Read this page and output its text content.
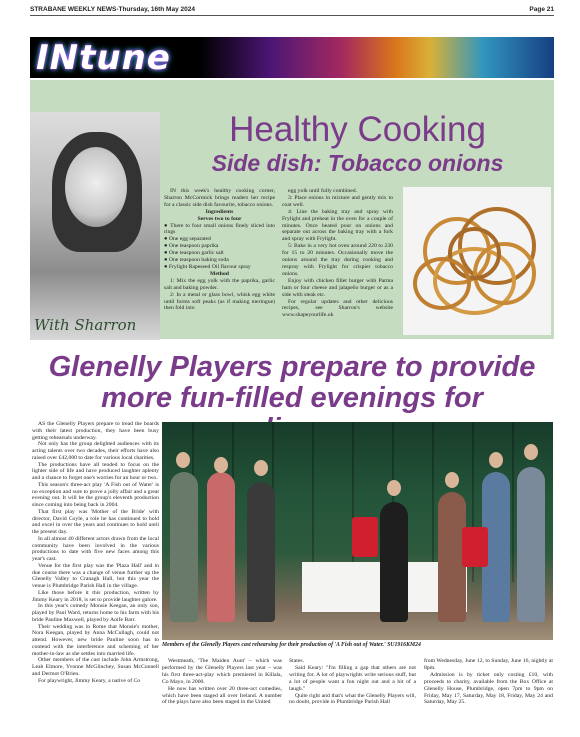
STRABANE WEEKLY NEWS-Thursday, 16th May 2024	Page 21
INtune
With Sharron
Healthy Cooking
Side dish: Tobacco onions

IN this week's healthy cooking corner, Sharron McCormick brings readers her recipe for a classic side dish favourite, tobacco onions.

Ingredients

Serves two to four

● There to four small onions finely sliced into rings

● One egg separated

● One teaspoon paprika

● One teaspoon garlic salt

● One teaspoon baking soda

● Frylight Rapeseed Oil flavour spray

Method

1: Mix the egg yolk with the paprika, garlic salt and baking powder.

2: In a metal or glass bowl, whisk egg white until forms soft peaks (as if making meringue) then fold into

egg yolk until fully combined.

3: Place onions in mixture and gently mix to coat well.

4: Line the baking tray and spray with Frylight and preheat in the oven for a couple of minutes. Once heated pour on onions and separate out across the baking tray with a fork and spray with Frylight.

5: Bake in a very hot oven around 220 to 230 for 15 to 20 minutes. Occasionally move the onions around the tray during cooking and respray with Frylight for crispier tobacco onions.

Enjoy with chicken fillet burger with Parma ham or four cheese and jalapeño burger or as a side with steak etc.

For regular updates and other delicious recipes, see Sharron's website www.shapeyourlife.uk

Glenelly Players prepare to provide
more fun-filled evenings for

AS the Glenelly Players prepare to tread the boards with their latest production, they have been busy getting rehearsals underway.

Not only has the group delighted audiences with its acting talents over two decades, their efforts have also raised over £42,000 to date for various local charities.

The productions have all tended to focus on the lighter side of life and have produced laughter aplenty and a chance to forget one's worries for an hour or two.

This season's three-act play 'A Fish out of Water' is no exception and sure to prove a jolly affair and a great evening out. It will be the group's eleventh production since coming into being back in 2004.

That first play was 'Mother of the Bride' with director, David Coyle, a role he has continued to hold and excel in over the years and continues to hold until the present day.

In all almost 40 different actors drawn from the local community have been involved in the various productions to date with five new faces among this year's cast.

Venue for the first play was the 'Plaza Hall' and in due course there was a change of venue further up the Glenelly Valley to Cranagh Hall, but this year the venue is Plumbridge Parish Hall in the village.

Like those before it this production, written by Jimmy Keary in 2018, is set to provide laughter galore.

In this year's comedy Monsie Keegan, an only son, played by Paul Ward, returns home to his farm with his bride Pauline Maxwell, played by Aoife Barr.

Their wedding was in Rome that Monsie's mother, Nora Keegan, played by Anna McCullagh, could not attend. However, new bride Pauline soon has to contend with the interference and scheming of her mother-in-law as she settles into married life.

Other members of the cast include John Armstrong, Leah Elmore, Yvonne McGlinchey, Susan McConnell and Dermot O'Brien.

For playwright, Jimmy Keary, a native of Co

Members of the Glenelly Players cast rehearsing for their production of 'A Fish out of Water.' SU1916KM24

Westmeath, 'The Maiden Aunt' – which was performed by the Glenelly Players last year – was his first three-act-play which premiered in Killala, Co Mayo, in 2000.

He now has written over 20 three-act comedies, which have been staged all over Ireland. A number of the plays have also been staged in the United

States.

Said Keary: "I'm filling a gap that others are not writing for. A lot of playwrights write serious stuff, but a lot of people want a fun night out and a bit of a laugh."

Quite right and that's what the Glenelly Players will, no doubt, provide in Plumbridge Parish Hall

from Wednesday, June 12, to Sunday, June 16, nightly at 8pm.

Admission is by ticket only costing £10, with proceeds to charity, available from the Box Office at Glenelly House, Plumbridge, open 7pm to 9pm on Friday, May 17, Saturday, May 18, Friday, May 24 and Saturday, May 25.
